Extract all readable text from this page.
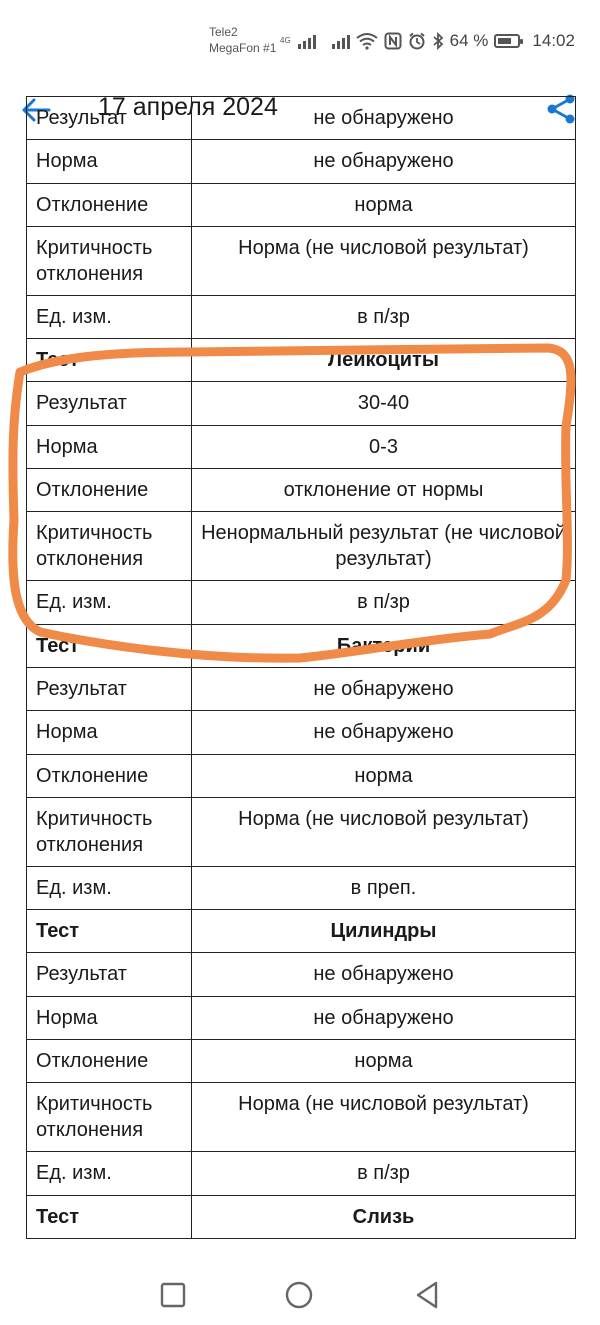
Tele2
MegaFon #1
4G	64 %	14:02
17 апреля 2024
Результат	не обнаружено
Норма	не обнаружено
Отклонение	норма
Критичность отклонения	Норма (не числовой результат)
Ед. изм.	в п/зр
Тест	Лейкоциты
Результат	30-40
Норма	0-3
Отклонение	отклонение от нормы
Критичность отклонения	Ненормальный результат (не числовой результат)
Ед. изм.	в п/зр
Тест	Бактерии
Результат	не обнаружено
Норма	не обнаружено
Отклонение	норма
Критичность отклонения	Норма (не числовой результат)
Ед. изм.	в преп.
Тест	Цилиндры
Результат	не обнаружено
Норма	не обнаружено
Отклонение	норма
Критичность отклонения	Норма (не числовой результат)
Ед. изм.	в п/зр
Тест	Слизь
